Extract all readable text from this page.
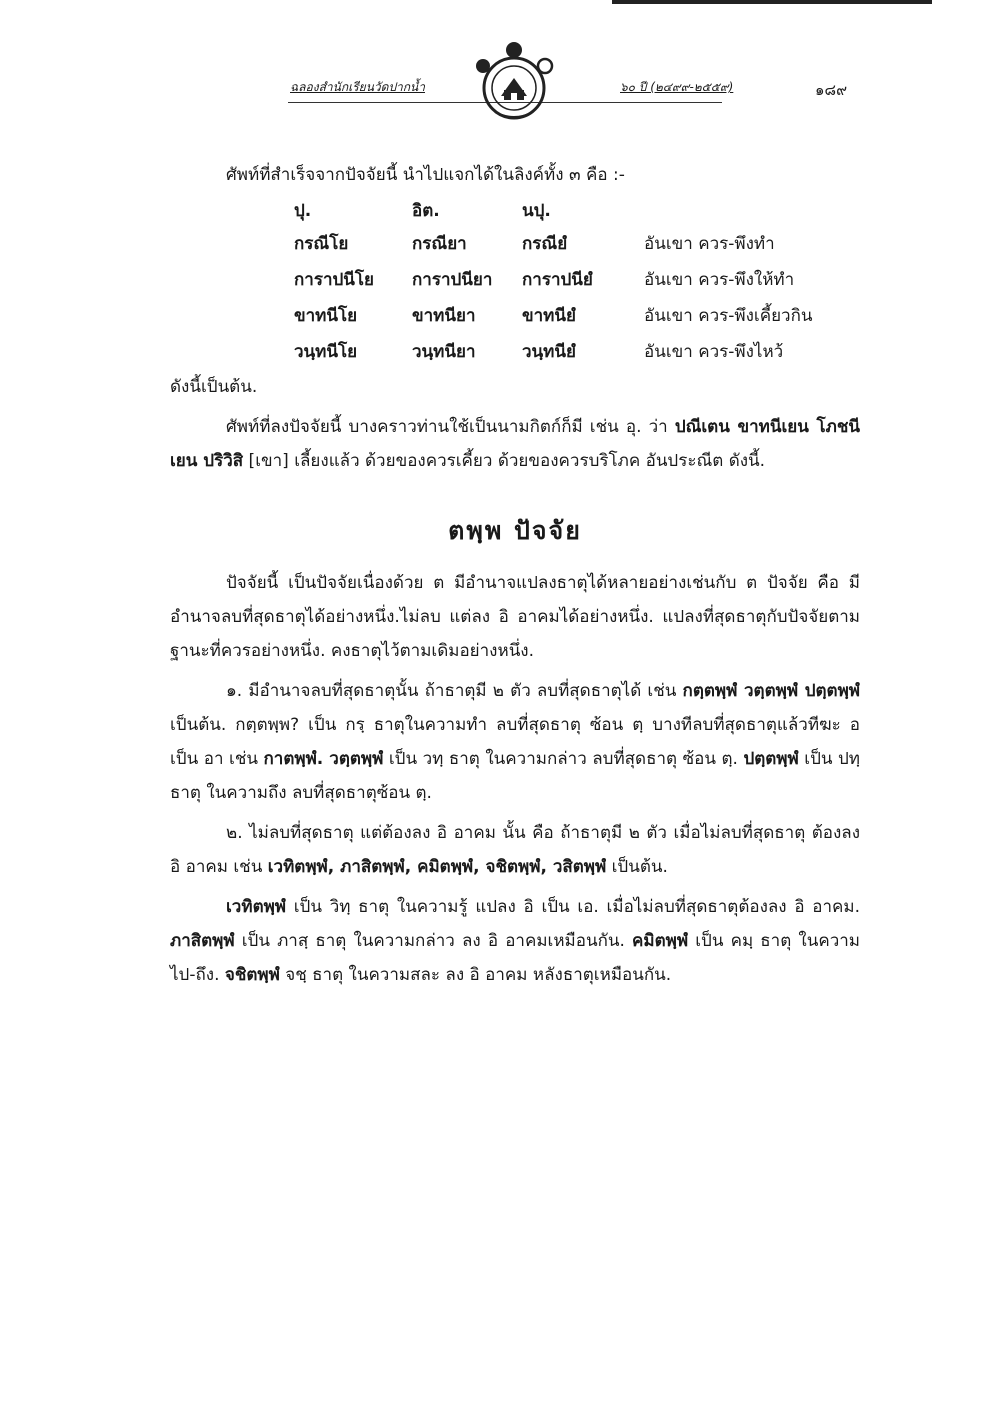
ฉลองสำนักเรียนวัดปากน้ำ	๖๐ ปี (๒๔๙๙-๒๕๕๙)	๑๘๙

ศัพท์ที่สำเร็จจากปัจจัยนี้ นำไปแจกได้ในลิงค์ทั้ง ๓ คือ :-

ปุ.	อิต.	นปุ.
กรณีโย	กรณียา	กรณียํ	อันเขา ควร-พึงทำ
การาปนีโย	การาปนียา	การาปนียํ	อันเขา ควร-พึงให้ทำ
ขาทนีโย	ขาทนียา	ขาทนียํ	อันเขา ควร-พึงเคี้ยวกิน
วนฺทนีโย	วนฺทนียา	วนฺทนียํ	อันเขา ควร-พึงไหว้

ดังนี้เป็นต้น.

ศัพท์ที่ลงปัจจัยนี้ บางคราวท่านใช้เป็นนามกิตก์ก็มี เช่น อุ. ว่า ปณีเตน ขาทนีเยน โภชนีเยน ปริวิสิ [เขา] เลี้ยงแล้ว ด้วยของควรเคี้ยว ด้วยของควรบริโภค อันประณีต ดังนี้.

ตพฺพ ปัจจัย

ปัจจัยนี้ เป็นปัจจัยเนื่องด้วย ต มีอำนาจแปลงธาตุได้หลายอย่างเช่นกับ ต ปัจจัย คือ มีอำนาจลบที่สุดธาตุได้อย่างหนึ่ง.ไม่ลบ แต่ลง อิ อาคมได้อย่างหนึ่ง. แปลงที่สุดธาตุกับปัจจัยตามฐานะที่ควรอย่างหนึ่ง. คงธาตุไว้ตามเดิมอย่างหนึ่ง.

๑. มีอำนาจลบที่สุดธาตุนั้น ถ้าธาตุมี ๒ ตัว ลบที่สุดธาตุได้ เช่น กตฺตพฺพํ วตฺตพฺพํ ปตฺตพฺพํ เป็นต้น. กตฺตพฺพ? เป็น กรฺ ธาตุในความทำ ลบที่สุดธาตุ ซ้อน ตฺ บางทีลบที่สุดธาตุแล้วทีฆะ อ เป็น อา เช่น กาตพฺพํ. วตฺตพฺพํ เป็น วทฺ ธาตุ ในความกล่าว ลบที่สุดธาตุ ซ้อน ตฺ. ปตฺตพฺพํ เป็น ปทฺ ธาตุ ในความถึง ลบที่สุดธาตุซ้อน ตฺ.

๒. ไม่ลบที่สุดธาตุ แต่ต้องลง อิ อาคม นั้น คือ ถ้าธาตุมี ๒ ตัว เมื่อไม่ลบที่สุดธาตุ ต้องลง อิ อาคม เช่น เวทิตพฺพํ, ภาสิตพฺพํ, คมิตพฺพํ, จชิตพฺพํ, วสิตพฺพํ เป็นต้น.

เวทิตพฺพํ เป็น วิทฺ ธาตุ ในความรู้ แปลง อิ เป็น เอ. เมื่อไม่ลบที่สุดธาตุต้องลง อิ อาคม. ภาสิตพฺพํ เป็น ภาสฺ ธาตุ ในความกล่าว ลง อิ อาคมเหมือนกัน. คมิตพฺพํ เป็น คมฺ ธาตุ ในความไป-ถึง. จชิตพฺพํ จชฺ ธาตุ ในความสละ ลง อิ อาคม หลังธาตุเหมือนกัน.
